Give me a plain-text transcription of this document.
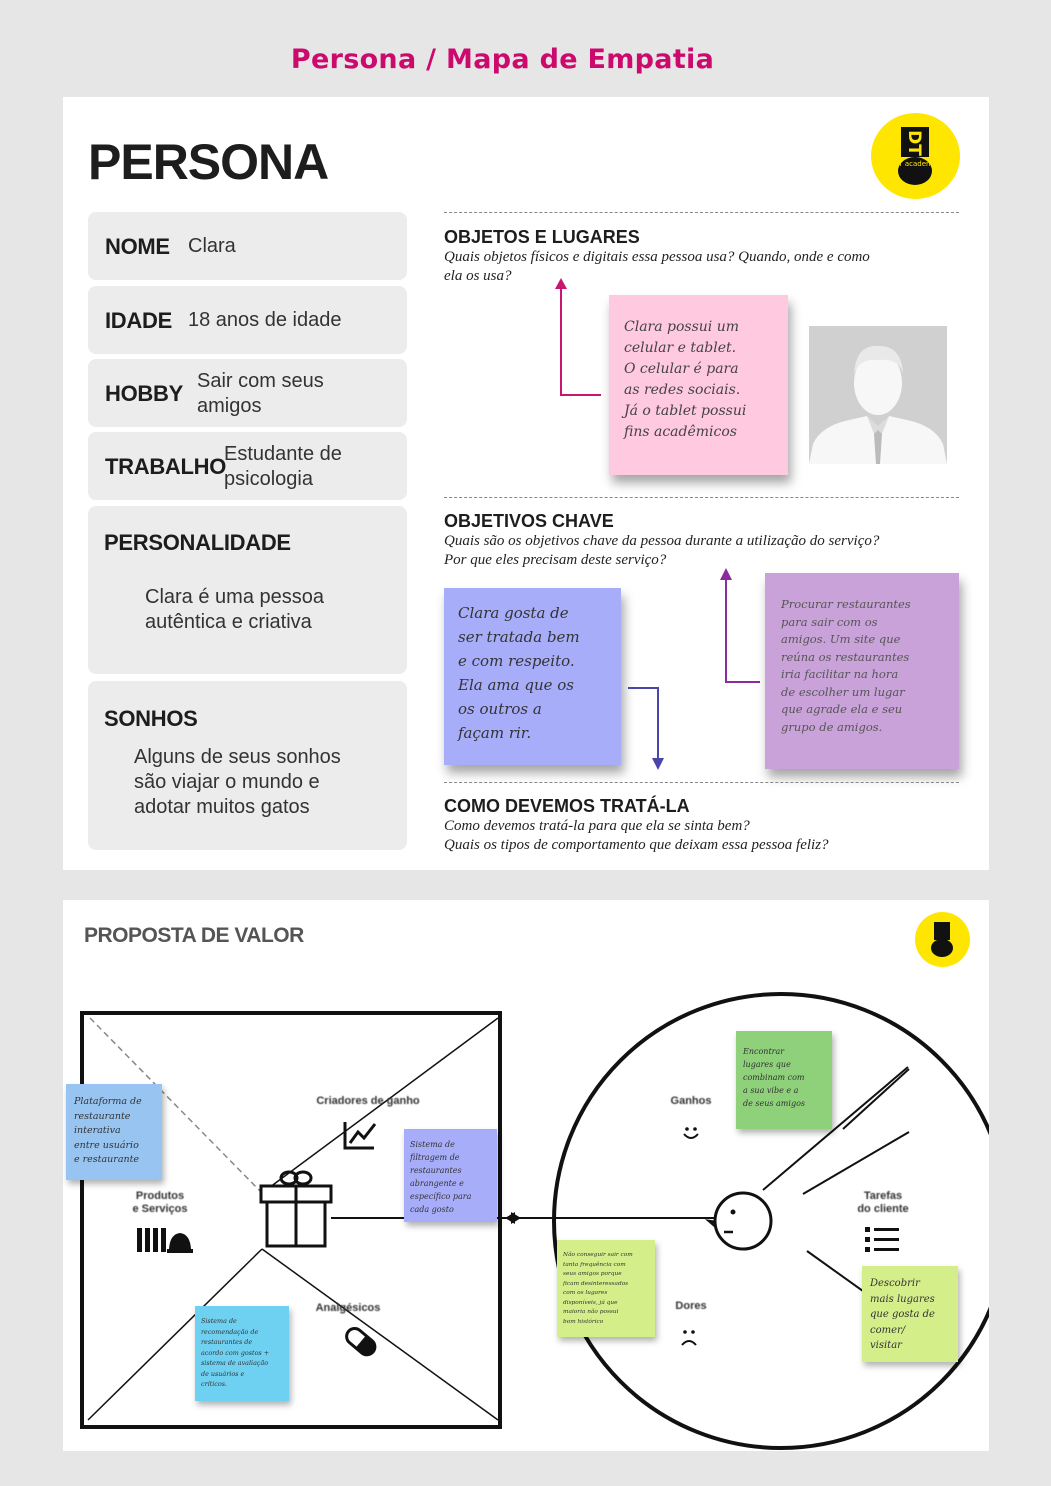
Persona / Mapa de Empatia
PERSONA	DT
DT academy
NOME Clara
IDADE 18 anos de idade
HOBBY Sair com seus
amigos
TRABALHO
Estudante de
psicologia
PERSONALIDADE
Clara é uma pessoa
autêntica e criativa
SONHOS
Alguns de seus sonhos
são viajar o mundo e
adotar muitos gatos
OBJETOS E LUGARES
Quais objetos físicos e digitais essa pessoa usa? Quando, onde e como
ela os usa?
Clara possui um
celular e tablet.
O celular é para
as redes sociais.
Já o tablet possui
fins acadêmicos
OBJETIVOS CHAVE
Quais são os objetivos chave da pessoa durante a utilização do serviço?
Por que eles precisam deste serviço?
Clara gosta de
ser tratada bem
e com respeito.
Ela ama que os
os outros a
façam rir.
Procurar restaurantes
para sair com os
amigos. Um site que
reúna os restaurantes
iria facilitar na hora
de escolher um lugar
que agrade ela e seu
grupo de amigos.
COMO DEVEMOS TRATÁ-LA
Como devemos tratá-la para que ela se sinta bem?
Quais os tipos de comportamento que deixam essa pessoa feliz?
PROPOSTA DE VALOR
Criadores de ganho
Produtos
e Serviços
Analgésicos
Ganhos
Dores
Tarefas
do cliente
Plataforma de
restaurante
interativa
entre usuário
e restaurante
Sistema de
filtragem de
restaurantes
abrangente e
específico para
cada gosto
Sistema de
recomendação de
restaurantes de
acordo com gostos +
sistema de avaliação
de usuários e
críticos.
Encontrar
lugares que
combinam com
a sua vibe e a
de seus amigos
Não conseguir sair com
tanta frequência com
seus amigos porque
ficam desinteressados
com os lugares
disponíveis, já que
maioria não possui
bom histórico
Descobrir
mais lugares
que gosta de
comer/
visitar
